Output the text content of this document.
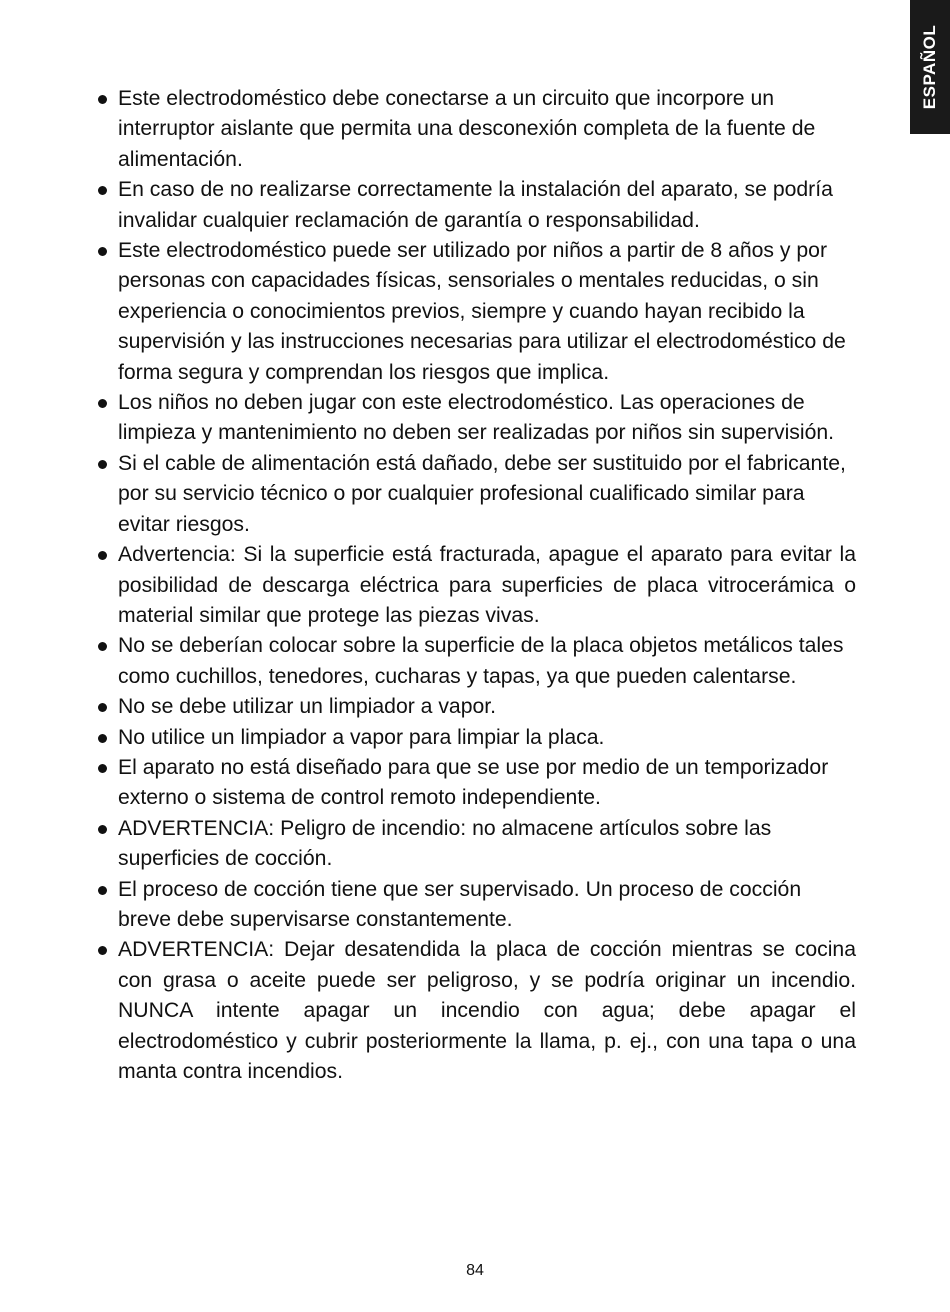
ESPAÑOL
Este electrodoméstico debe conectarse a un circuito que incorpore un interruptor aislante que permita una desconexión completa de la fuente de alimentación.
En caso de no realizarse correctamente la instalación del aparato, se podría invalidar cualquier reclamación de garantía o responsabilidad.
Este electrodoméstico puede ser utilizado por niños a partir de 8 años y por personas con capacidades físicas, sensoriales o mentales reducidas, o sin experiencia o conocimientos previos, siempre y cuando hayan recibido la supervisión y las instrucciones necesarias para utilizar el electrodoméstico de forma segura y comprendan los riesgos que implica.
Los niños no deben jugar con este electrodoméstico. Las operaciones de limpieza y mantenimiento no deben ser realizadas por niños sin supervisión.
Si el cable de alimentación está dañado, debe ser sustituido por el fabricante, por su servicio técnico o por cualquier profesional cualificado similar para evitar riesgos.
Advertencia: Si la superficie está fracturada, apague el aparato para evitar la posibilidad de descarga eléctrica para superficies de placa vitrocerámica o material similar que protege las piezas vivas.
No se deberían colocar sobre la superficie de la placa objetos metálicos tales como cuchillos, tenedores, cucharas y tapas, ya que pueden calentarse.
No se debe utilizar un limpiador a vapor.
No utilice un limpiador a vapor para limpiar la placa.
El aparato no está diseñado para que se use por medio de un temporizador externo o sistema de control remoto independiente.
ADVERTENCIA: Peligro de incendio: no almacene artículos sobre las superficies de cocción.
El proceso de cocción tiene que ser supervisado. Un proceso de cocción breve debe supervisarse constantemente.
ADVERTENCIA: Dejar desatendida la placa de cocción mientras se cocina con grasa o aceite puede ser peligroso, y se podría originar un incendio. NUNCA intente apagar un incendio con agua; debe apagar el electrodoméstico y cubrir posteriormente la llama, p. ej., con una tapa o una manta contra incendios.
84
